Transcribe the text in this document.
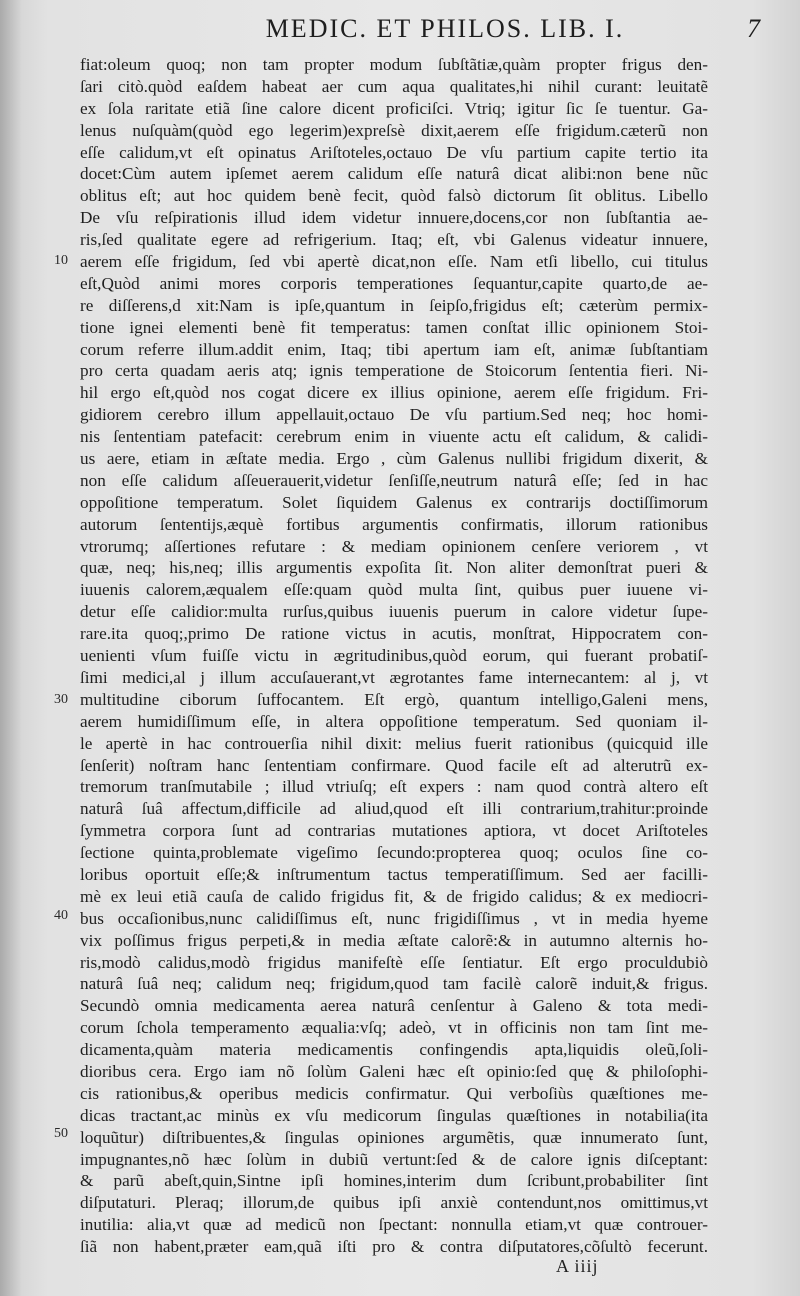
MEDIC. ET PHILOS. LIB. I.	7
10
30
40
50
fiat:oleum quoq; non tam propter modum ſubſtãtiæ,quàm propter frigus den-
ſari citò.quòd eaſdem habeat aer cum aqua qualitates,hi nihil curant: leuitatẽ
ex ſola raritate etiã ſine calore dicent proficiſci. Vtriq; igitur ſic ſe tuentur. Ga-
lenus nuſquàm(quòd ego legerim)expreſsè dixit,aerem eſſe frigidum.cæterũ non
eſſe calidum,vt eſt opinatus Ariſtoteles,octauo De vſu partium capite tertio ita
docet:Cùm autem ipſemet aerem calidum eſſe naturâ dicat alibi:non bene nũc
oblitus eſt; aut hoc quidem benè fecit, quòd falsò dictorum ſit oblitus. Libello
De vſu reſpirationis illud idem videtur innuere,docens,cor non ſubſtantia ae-
ris,ſed qualitate egere ad refrigerium. Itaq; eſt, vbi Galenus videatur innuere,
aerem eſſe frigidum, ſed vbi apertè dicat,non eſſe. Nam etſi libello, cui titulus
eſt,Quòd animi mores corporis temperationes ſequantur,capite quarto,de ae-
re diſſerens,d xit:Nam is ipſe,quantum in ſeipſo,frigidus eſt; cæterùm permix-
tione ignei elementi benè fit temperatus: tamen conſtat illic opinionem Stoi-
corum referre illum.addit enim, Itaq; tibi apertum iam eſt, animæ ſubſtantiam
pro certa quadam aeris atq; ignis temperatione de Stoicorum ſententia fieri. Ni-
hil ergo eſt,quòd nos cogat dicere ex illius opinione, aerem eſſe frigidum. Fri-
gidiorem cerebro illum appellauit,octauo De vſu partium.Sed neq; hoc homi-
nis ſententiam patefacit: cerebrum enim in viuente actu eſt calidum, & calidi-
us aere, etiam in æſtate media. Ergo , cùm Galenus nullibi frigidum dixerit, &
non eſſe calidum aſſeuerauerit,videtur ſenſiſſe,neutrum naturâ eſſe; ſed in hac
oppoſitione temperatum. Solet ſiquidem Galenus ex contrarijs doctiſſimorum
autorum ſententijs,æquè fortibus argumentis confirmatis, illorum rationibus
vtrorumq; aſſertiones refutare : & mediam opinionem cenſere veriorem , vt
quæ, neq; his,neq; illis argumentis expoſita ſit. Non aliter demonſtrat pueri &
iuuenis calorem,æqualem eſſe:quam quòd multa ſint, quibus puer iuuene vi-
detur eſſe calidior:multa rurſus,quibus iuuenis puerum in calore videtur ſupe-
rare.ita quoq;,primo De ratione victus in acutis, monſtrat, Hippocratem con-
uenienti vſum fuiſſe victu in ægritudinibus,quòd eorum, qui fuerant probatiſ-
ſimi medici,al j illum accuſauerant,vt ægrotantes fame internecantem: al j, vt
multitudine ciborum ſuffocantem. Eſt ergò, quantum intelligo,Galeni mens,
aerem humidiſſimum eſſe, in altera oppoſitione temperatum. Sed quoniam il-
le apertè in hac controuerſia nihil dixit: melius fuerit rationibus (quicquid ille
ſenſerit) noſtram hanc ſententiam confirmare. Quod facile eſt ad alterutrũ ex-
tremorum tranſmutabile ; illud vtriuſq; eſt expers : nam quod contrà altero eſt
naturâ ſuâ affectum,difficile ad aliud,quod eſt illi contrarium,trahitur:proinde
ſymmetra corpora ſunt ad contrarias mutationes aptiora, vt docet Ariſtoteles
ſectione quinta,problemate vigeſimo ſecundo:propterea quoq; oculos ſine co-
loribus oportuit eſſe;& inſtrumentum tactus temperatiſſimum. Sed aer facilli-
mè ex leui etiã cauſa de calido frigidus fit, & de frigido calidus; & ex mediocri-
bus occaſionibus,nunc calidiſſimus eſt, nunc frigidiſſimus , vt in media hyeme
vix poſſimus frigus perpeti,& in media æſtate calorẽ:& in autumno alternis ho-
ris,modò calidus,modò frigidus manifeſtè eſſe ſentiatur. Eſt ergo proculdubiò
naturâ ſuâ neq; calidum neq; frigidum,quod tam facilè calorẽ induit,& frigus.
Secundò omnia medicamenta aerea naturâ cenſentur à Galeno & tota medi-
corum ſchola temperamento æqualia:vſq; adeò, vt in officinis non tam ſint me-
dicamenta,quàm materia medicamentis confingendis apta,liquidis oleũ,ſoli-
dioribus cera. Ergo iam nõ ſolùm Galeni hæc eſt opinio:ſed quę & philoſophi-
cis rationibus,& operibus medicis confirmatur. Qui verboſiùs quæſtiones me-
dicas tractant,ac minùs ex vſu medicorum ſingulas quæſtiones in notabilia(ita
loquũtur) diſtribuentes,& ſingulas opiniones argumẽtis, quæ innumerato ſunt,
impugnantes,nõ hæc ſolùm in dubiũ vertunt:ſed & de calore ignis diſceptant:
& parũ abeſt,quin,Sintne ipſi homines,interim dum ſcribunt,probabiliter ſint
diſputaturi. Pleraq; illorum,de quibus ipſi anxiè contendunt,nos omittimus,vt
inutilia: alia,vt quæ ad medicũ non ſpectant: nonnulla etiam,vt quæ controuer-
ſiã non habent,præter eam,quã iſti pro & contra diſputatores,cõſultò fecerunt.
A iiij
